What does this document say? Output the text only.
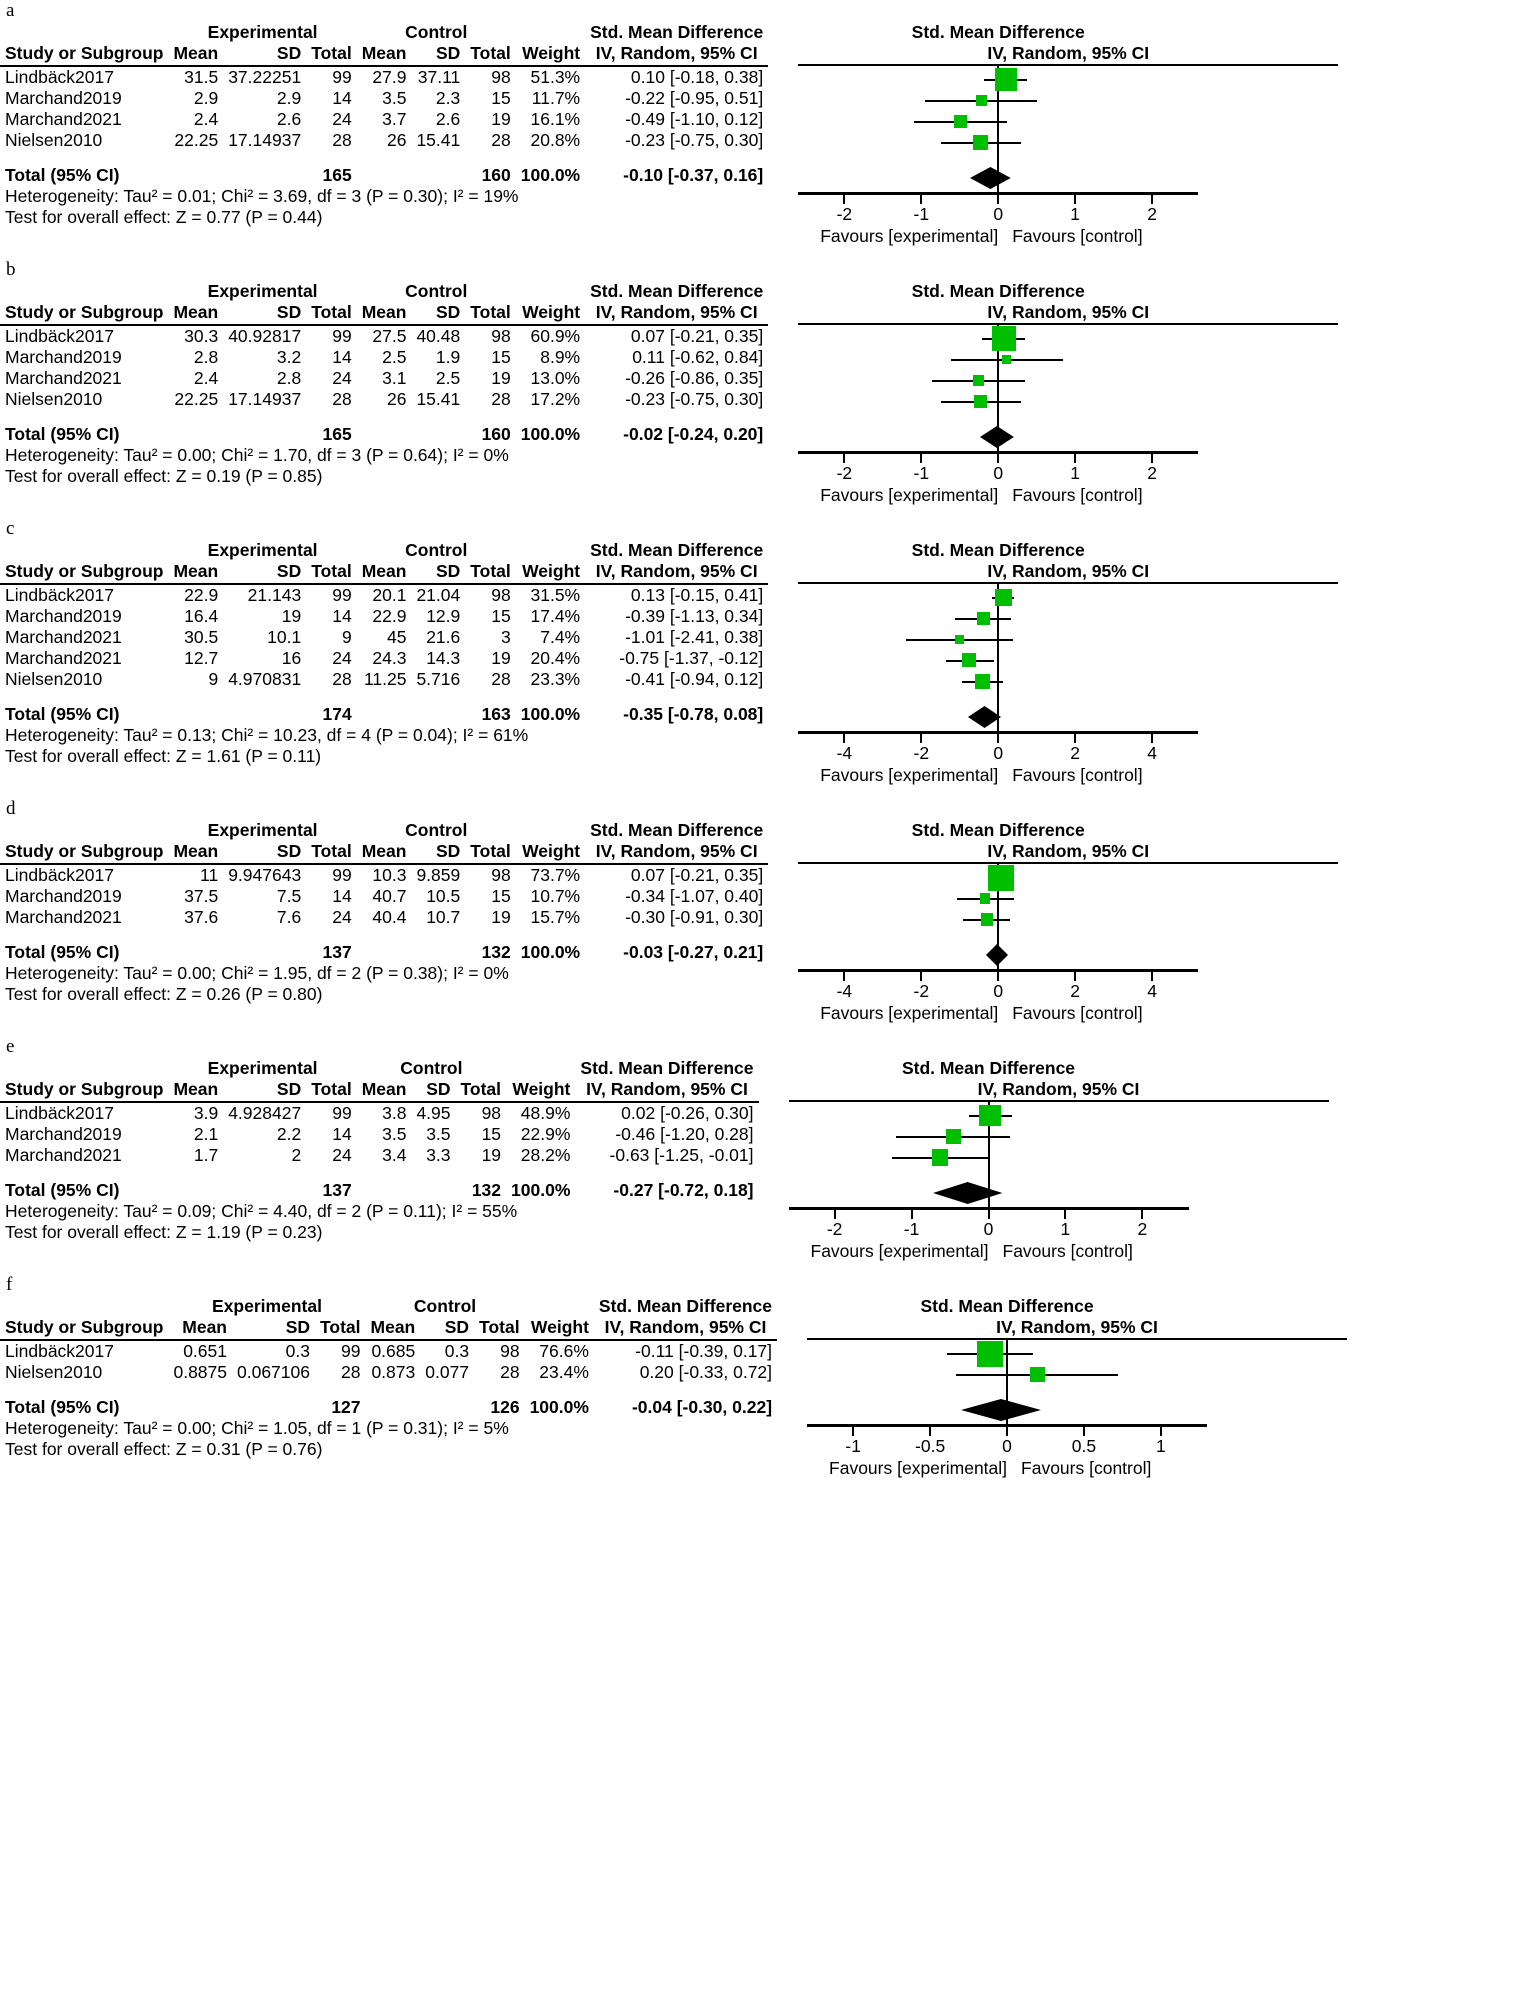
a
	Experimental			Control				Std. Mean Difference
Study or Subgroup	Mean	SD	Total	Mean	SD	Total	Weight	IV, Random, 95% CI
Lindbäck2017	31.5	37.22251	99	27.9	37.11	98	51.3%	0.10 [-0.18, 0.38]
Marchand2019	2.9	2.9	14	3.5	2.3	15	11.7%	-0.22 [-0.95, 0.51]
Marchand2021	2.4	2.6	24	3.7	2.6	19	16.1%	-0.49 [-1.10, 0.12]
Nielsen2010	22.25	17.14937	28	26	15.41	28	20.8%	-0.23 [-0.75, 0.30]

Total (95% CI)			165			160	100.0%	-0.10 [-0.37, 0.16]
Heterogeneity: Tau² = 0.01; Chi² = 3.69, df = 3 (P = 0.30); I² = 19%								
Test for overall effect: Z = 0.77 (P = 0.44)								
Std. Mean Difference
IV, Random, 95% CI
-2	-1	0	1	2
Favours [experimental] Favours [control]
b
	Experimental			Control				Std. Mean Difference
Study or Subgroup	Mean	SD	Total	Mean	SD	Total	Weight	IV, Random, 95% CI
Lindbäck2017	30.3	40.92817	99	27.5	40.48	98	60.9%	0.07 [-0.21, 0.35]
Marchand2019	2.8	3.2	14	2.5	1.9	15	8.9%	0.11 [-0.62, 0.84]
Marchand2021	2.4	2.8	24	3.1	2.5	19	13.0%	-0.26 [-0.86, 0.35]
Nielsen2010	22.25	17.14937	28	26	15.41	28	17.2%	-0.23 [-0.75, 0.30]

Total (95% CI)			165			160	100.0%	-0.02 [-0.24, 0.20]
Heterogeneity: Tau² = 0.00; Chi² = 1.70, df = 3 (P = 0.64); I² = 0%								
Test for overall effect: Z = 0.19 (P = 0.85)								
Std. Mean Difference
IV, Random, 95% CI
-2	-1	0	1	2
Favours [experimental] Favours [control]
c
	Experimental			Control				Std. Mean Difference
Study or Subgroup	Mean	SD	Total	Mean	SD	Total	Weight	IV, Random, 95% CI
Lindbäck2017	22.9	21.143	99	20.1	21.04	98	31.5%	0.13 [-0.15, 0.41]
Marchand2019	16.4	19	14	22.9	12.9	15	17.4%	-0.39 [-1.13, 0.34]
Marchand2021	30.5	10.1	9	45	21.6	3	7.4%	-1.01 [-2.41, 0.38]
Marchand2021	12.7	16	24	24.3	14.3	19	20.4%	-0.75 [-1.37, -0.12]
Nielsen2010	9	4.970831	28	11.25	5.716	28	23.3%	-0.41 [-0.94, 0.12]

Total (95% CI)			174			163	100.0%	-0.35 [-0.78, 0.08]
Heterogeneity: Tau² = 0.13; Chi² = 10.23, df = 4 (P = 0.04); I² = 61%								
Test for overall effect: Z = 1.61 (P = 0.11)								
Std. Mean Difference
IV, Random, 95% CI
-4	-2	0	2	4
Favours [experimental] Favours [control]
d
	Experimental			Control				Std. Mean Difference
Study or Subgroup	Mean	SD	Total	Mean	SD	Total	Weight	IV, Random, 95% CI
Lindbäck2017	11	9.947643	99	10.3	9.859	98	73.7%	0.07 [-0.21, 0.35]
Marchand2019	37.5	7.5	14	40.7	10.5	15	10.7%	-0.34 [-1.07, 0.40]
Marchand2021	37.6	7.6	24	40.4	10.7	19	15.7%	-0.30 [-0.91, 0.30]

Total (95% CI)			137			132	100.0%	-0.03 [-0.27, 0.21]
Heterogeneity: Tau² = 0.00; Chi² = 1.95, df = 2 (P = 0.38); I² = 0%								
Test for overall effect: Z = 0.26 (P = 0.80)								
Std. Mean Difference
IV, Random, 95% CI
-4	-2	0	2	4
Favours [experimental] Favours [control]
e
	Experimental			Control				Std. Mean Difference
Study or Subgroup	Mean	SD	Total	Mean	SD	Total	Weight	IV, Random, 95% CI
Lindbäck2017	3.9	4.928427	99	3.8	4.95	98	48.9%	0.02 [-0.26, 0.30]
Marchand2019	2.1	2.2	14	3.5	3.5	15	22.9%	-0.46 [-1.20, 0.28]
Marchand2021	1.7	2	24	3.4	3.3	19	28.2%	-0.63 [-1.25, -0.01]

Total (95% CI)			137			132	100.0%	-0.27 [-0.72, 0.18]
Heterogeneity: Tau² = 0.09; Chi² = 4.40, df = 2 (P = 0.11); I² = 55%								
Test for overall effect: Z = 1.19 (P = 0.23)								
Std. Mean Difference
IV, Random, 95% CI
-2	-1	0	1	2
Favours [experimental] Favours [control]
f
	Experimental			Control				Std. Mean Difference
Study or Subgroup	Mean	SD	Total	Mean	SD	Total	Weight	IV, Random, 95% CI
Lindbäck2017	0.651	0.3	99	0.685	0.3	98	76.6%	-0.11 [-0.39, 0.17]
Nielsen2010	0.8875	0.067106	28	0.873	0.077	28	23.4%	0.20 [-0.33, 0.72]

Total (95% CI)			127			126	100.0%	-0.04 [-0.30, 0.22]
Heterogeneity: Tau² = 0.00; Chi² = 1.05, df = 1 (P = 0.31); I² = 5%								
Test for overall effect: Z = 0.31 (P = 0.76)								
Std. Mean Difference
IV, Random, 95% CI
-1	-0.5	0	0.5	1
Favours [experimental] Favours [control]
